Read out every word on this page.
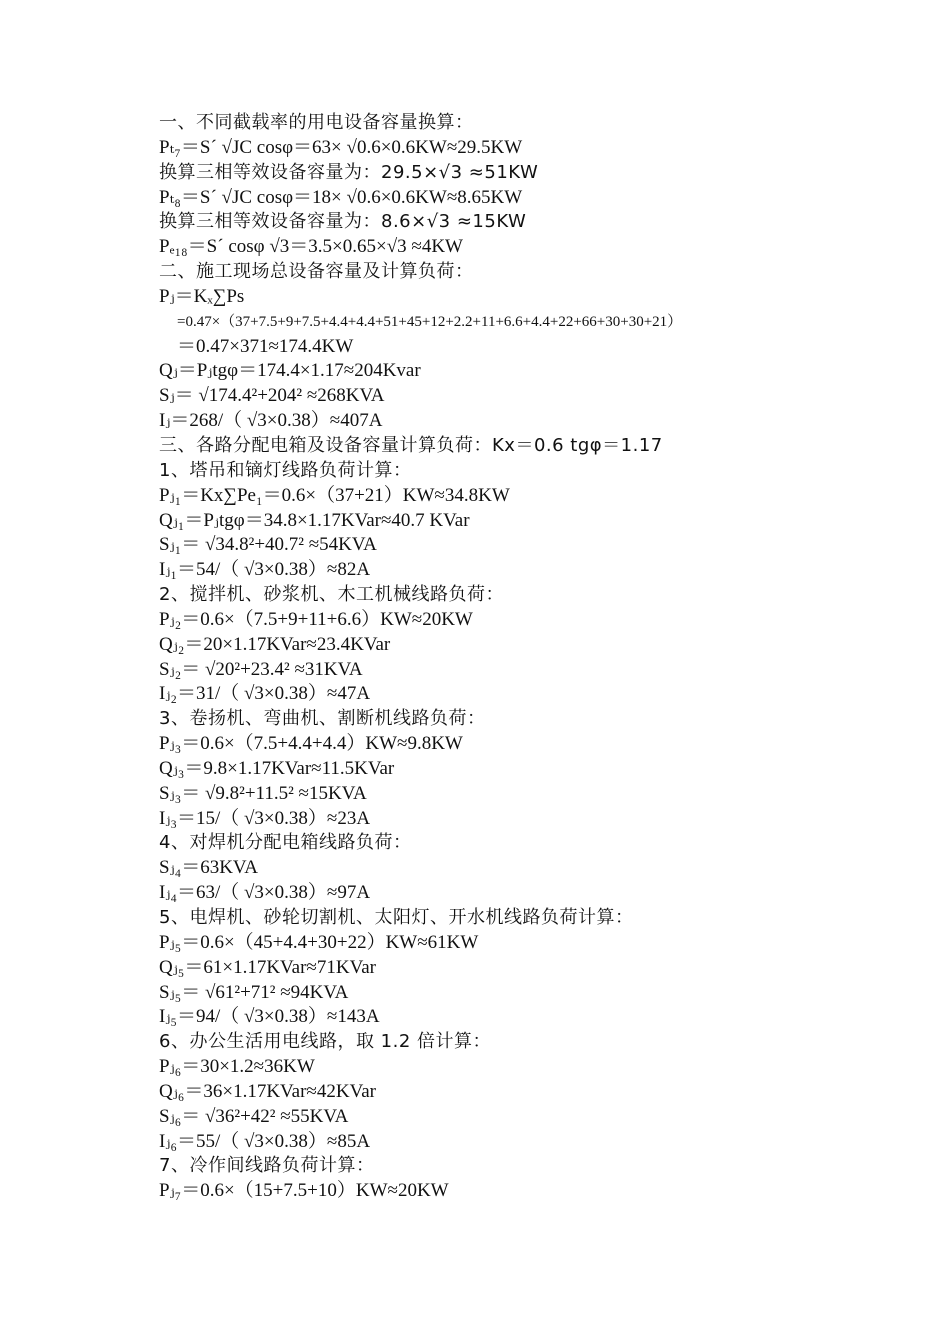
一、不同截载率的用电设备容量换算：
Pₜ₇＝S´ √JC cosφ＝63× √0.6×0.6KW≈29.5KW
换算三相等效设备容量为：29.5×√3 ≈51KW
Pₜ₈＝S´ √JC cosφ＝18× √0.6×0.6KW≈8.65KW
换算三相等效设备容量为：8.6×√3 ≈15KW
Pₑ₁₈＝S´ cosφ √3＝3.5×0.65×√3 ≈4KW
二、施工现场总设备容量及计算负荷：
Pⱼ＝Kₓ∑Ps
=0.47×（37+7.5+9+7.5+4.4+4.4+51+45+12+2.2+11+6.6+4.4+22+66+30+30+21）
＝0.47×371≈174.4KW
Qⱼ＝Pⱼtgφ＝174.4×1.17≈204Kvar
Sⱼ＝ √174.4²+204² ≈268KVA
Iⱼ＝268/（ √3×0.38）≈407A
三、各路分配电箱及设备容量计算负荷：Kx＝0.6 tgφ＝1.17
1、塔吊和镝灯线路负荷计算：
Pⱼ₁＝Kx∑Pe₁＝0.6×（37+21）KW≈34.8KW
Qⱼ₁＝Pⱼtgφ＝34.8×1.17KVar≈40.7 KVar
Sⱼ₁＝ √34.8²+40.7² ≈54KVA
Iⱼ₁＝54/（ √3×0.38）≈82A
2、搅拌机、砂浆机、木工机械线路负荷：
Pⱼ₂＝0.6×（7.5+9+11+6.6）KW≈20KW
Qⱼ₂＝20×1.17KVar≈23.4KVar
Sⱼ₂＝ √20²+23.4² ≈31KVA
Iⱼ₂＝31/（ √3×0.38）≈47A
3、卷扬机、弯曲机、割断机线路负荷：
Pⱼ₃＝0.6×（7.5+4.4+4.4）KW≈9.8KW
Qⱼ₃＝9.8×1.17KVar≈11.5KVar
Sⱼ₃＝ √9.8²+11.5² ≈15KVA
Iⱼ₃＝15/（ √3×0.38）≈23A
4、对焊机分配电箱线路负荷：
Sⱼ₄＝63KVA
Iⱼ₄＝63/（ √3×0.38）≈97A
5、电焊机、砂轮切割机、太阳灯、开水机线路负荷计算：
Pⱼ₅＝0.6×（45+4.4+30+22）KW≈61KW
Qⱼ₅＝61×1.17KVar≈71KVar
Sⱼ₅＝ √61²+71² ≈94KVA
Iⱼ₅＝94/（ √3×0.38）≈143A
6、办公生活用电线路，取 1.2 倍计算：
Pⱼ₆＝30×1.2≈36KW
Qⱼ₆＝36×1.17KVar≈42KVar
Sⱼ₆＝ √36²+42² ≈55KVA
Iⱼ₆＝55/（ √3×0.38）≈85A
7、冷作间线路负荷计算：
Pⱼ₇＝0.6×（15+7.5+10）KW≈20KW
